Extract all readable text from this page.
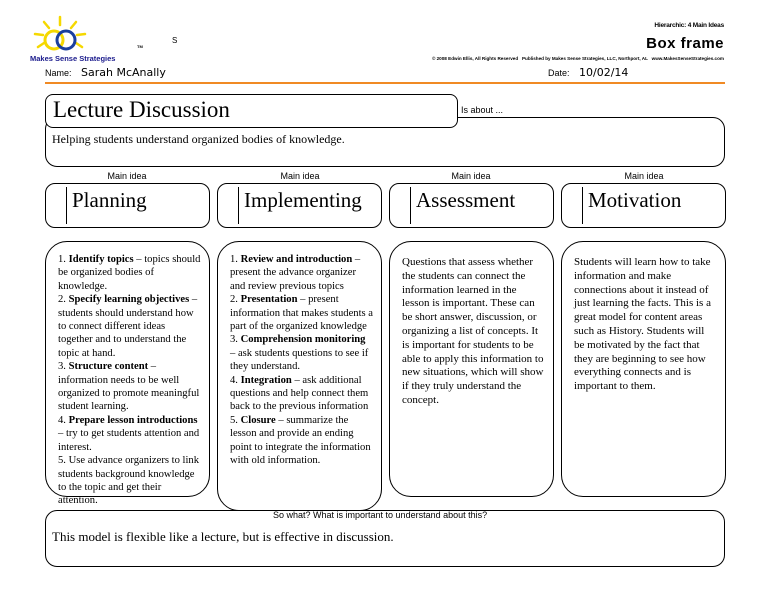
Makes Sense Strategies
TM
S
Hierarchic: 4 Main Ideas
Box frame
© 2008 Edwin Ellis, All Rights Reserved   Published by Makes Sense Strategies, LLC, Northport, AL   www.MakesSenseStrategies.com
Name: Sarah McAnally	Date: 10/02/14
Helping students understand organized bodies of knowledge.
Lecture Discussion	Is about ...
Main idea	Main idea	Main idea	Main idea

1. Identify topics – topics should be organized bodies of knowledge.

2. Specify learning objectives – students should understand how to connect different ideas together and to understand the topic at hand.

3. Structure content – information needs to be well organized to promote meaningful student learning.

4. Prepare lesson introductions – try to get students attention and interest.

5. Use advance organizers to link students background knowledge to the topic and get their attention.

1. Review and introduction – present the advance organizer and review previous topics

2. Presentation – present information that makes students a part of the organized knowledge

3. Comprehension monitoring – ask students questions to see if they understand.

4. Integration – ask additional questions and help connect them back to the previous information

5. Closure – summarize the lesson and provide an ending point to integrate the information with old information.

Questions that assess whether the students can connect the information learned in the lesson is important. These can be short answer, discussion, or organizing a list of concepts. It is important for students to be able to apply this information to new situations, which will show if they truly understand the concept.

Students will learn how to take information and make connections about it instead of just learning the facts. This is a great model for content areas such as History. Students will be motivated by the fact that they are beginning to see how everything connects and is important to them.

Planning	Implementing	Assessment	Motivation
This model is flexible like a lecture, but is effective in discussion.
So what? What is important to understand about this?
